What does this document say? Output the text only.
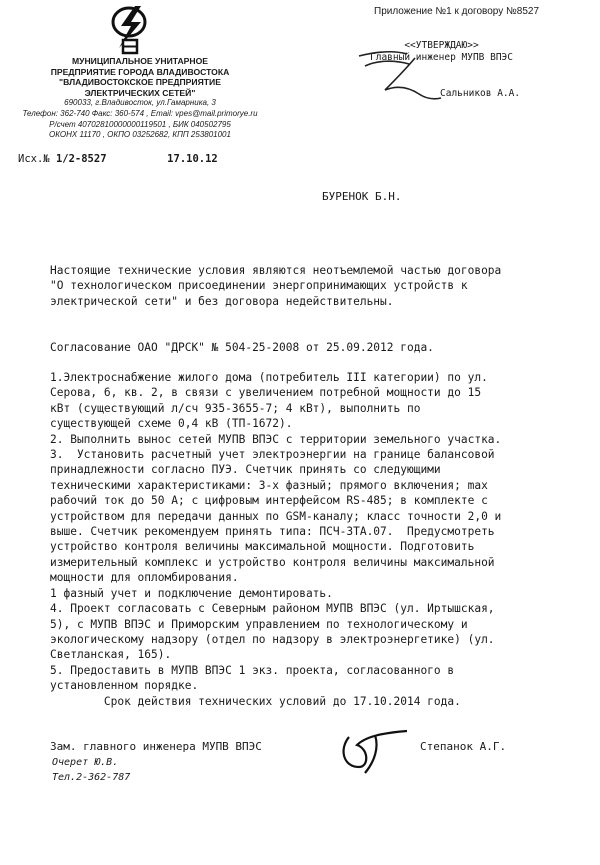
МУНИЦИПАЛЬНОЕ УНИТАРНОЕ
ПРЕДПРИЯТИЕ ГОРОДА ВЛАДИВОСТОКА
"ВЛАДИВОСТОКСКОЕ ПРЕДПРИЯТИЕ
ЭЛЕКТРИЧЕСКИХ СЕТЕЙ"
690033, г.Владивосток, ул.Гамарника, 3
Телефон: 362-740 Факс: 360-574 , Email: vpes@mail.primorye.ru
Р/счет 40702810000000119501 , БИК 040502795
ОКОНХ 11170 , ОКПО 03252682, КПП 253801001
Исх.№ 1/2-8527	17.10.12
Приложение №1 к договору №8527
<<УТВЕРЖДАЮ>>
Главный инженер МУПВ ВПЭС
Сальников А.А.
БУРЕНОК Б.Н.
Настоящие технические условия являются неотъемлемой частью договора
"О технологическом присоединении энергопринимающих устройств к
электрической сети" и без договора недействительны.
Согласование ОАО "ДРСК" № 504-25-2008 от 25.09.2012 года.
1.Электроснабжение жилого дома (потребитель III категории) по ул.
Серова, 6, кв. 2, в связи с увеличением потребной мощности до 15
кВт (существующий л/сч 935-3655-7; 4 кВт), выполнить по
существующей схеме 0,4 кВ (ТП-1672).
2. Выполнить вынос сетей МУПВ ВПЭС с территории земельного участка.
3.  Установить расчетный учет электроэнергии на границе балансовой
принадлежности согласно ПУЭ. Счетчик принять со следующими
техническими характеристиками: 3-х фазный; прямого включения; max
рабочий ток до 50 А; с цифровым интерфейсом RS-485; в комплекте с
устройством для передачи данных по GSM-каналу; класс точности 2,0 и
выше. Счетчик рекомендуем принять типа: ПСЧ-3ТА.07.  Предусмотреть
устройство контроля величины максимальной мощности. Подготовить
измерительный комплекс и устройство контроля величины максимальной
мощности для опломбирования.
1 фазный учет и подключение демонтировать.
4. Проект согласовать с Северным районом МУПВ ВПЭС (ул. Иртышская,
5), с МУПВ ВПЭС и Приморским управлением по технологическому и
экологическому надзору (отдел по надзору в электроэнергетике) (ул.
Светланская, 165).
5. Предоставить в МУПВ ВПЭС 1 экз. проекта, согласованного в
установленном порядке.
Срок действия технических условий до 17.10.2014 года.
Зам. главного инженера МУПВ ВПЭС	Степанок А.Г.
Очерет Ю.В.
Тел.2-362-787
